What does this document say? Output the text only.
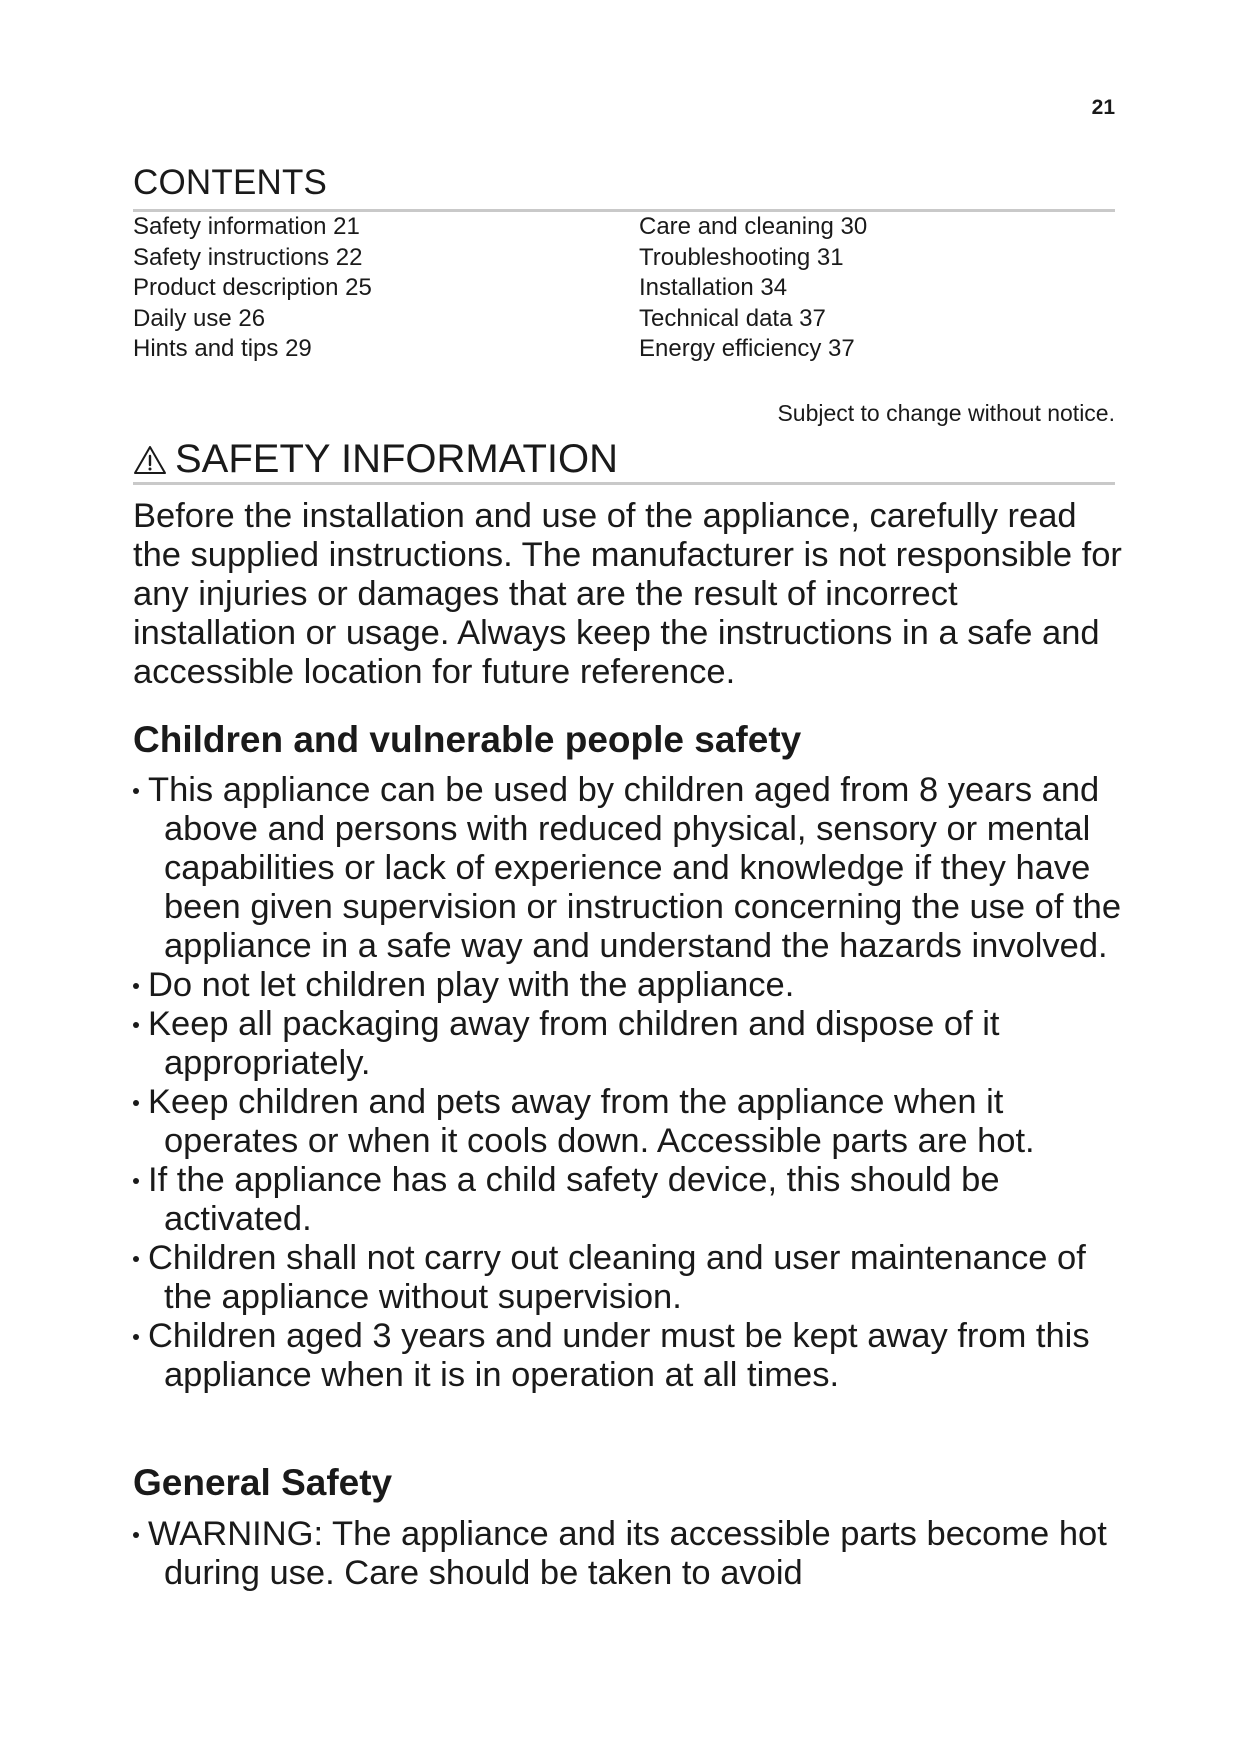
21
CONTENTS
Safety information 21
Safety instructions 22
Product description 25
Daily use 26
Hints and tips 29
Care and cleaning 30
Troubleshooting 31
Installation 34
Technical data 37
Energy efficiency 37
Subject to change without notice.
SAFETY INFORMATION

Before the installation and use of the appliance, carefully read the supplied instructions. The manufacturer is not responsible for any injuries or damages that are the result of incorrect installation or usage. Always keep the instructions in a safe and accessible location for future reference.

Children and vulnerable people safety
This appliance can be used by children aged from 8 years and above and persons with reduced physical, sensory or mental capabilities or lack of experience and knowledge if they have been given supervision or instruction concerning the use of the appliance in a safe way and understand the hazards involved.
Do not let children play with the appliance.
Keep all packaging away from children and dispose of it appropriately.
Keep children and pets away from the appliance when it operates or when it cools down. Accessible parts are hot.
If the appliance has a child safety device, this should be activated.
Children shall not carry out cleaning and user maintenance of the appliance without supervision.
Children aged 3 years and under must be kept away from this appliance when it is in operation at all times.
General Safety
WARNING: The appliance and its accessible parts become hot during use. Care should be taken to avoid
